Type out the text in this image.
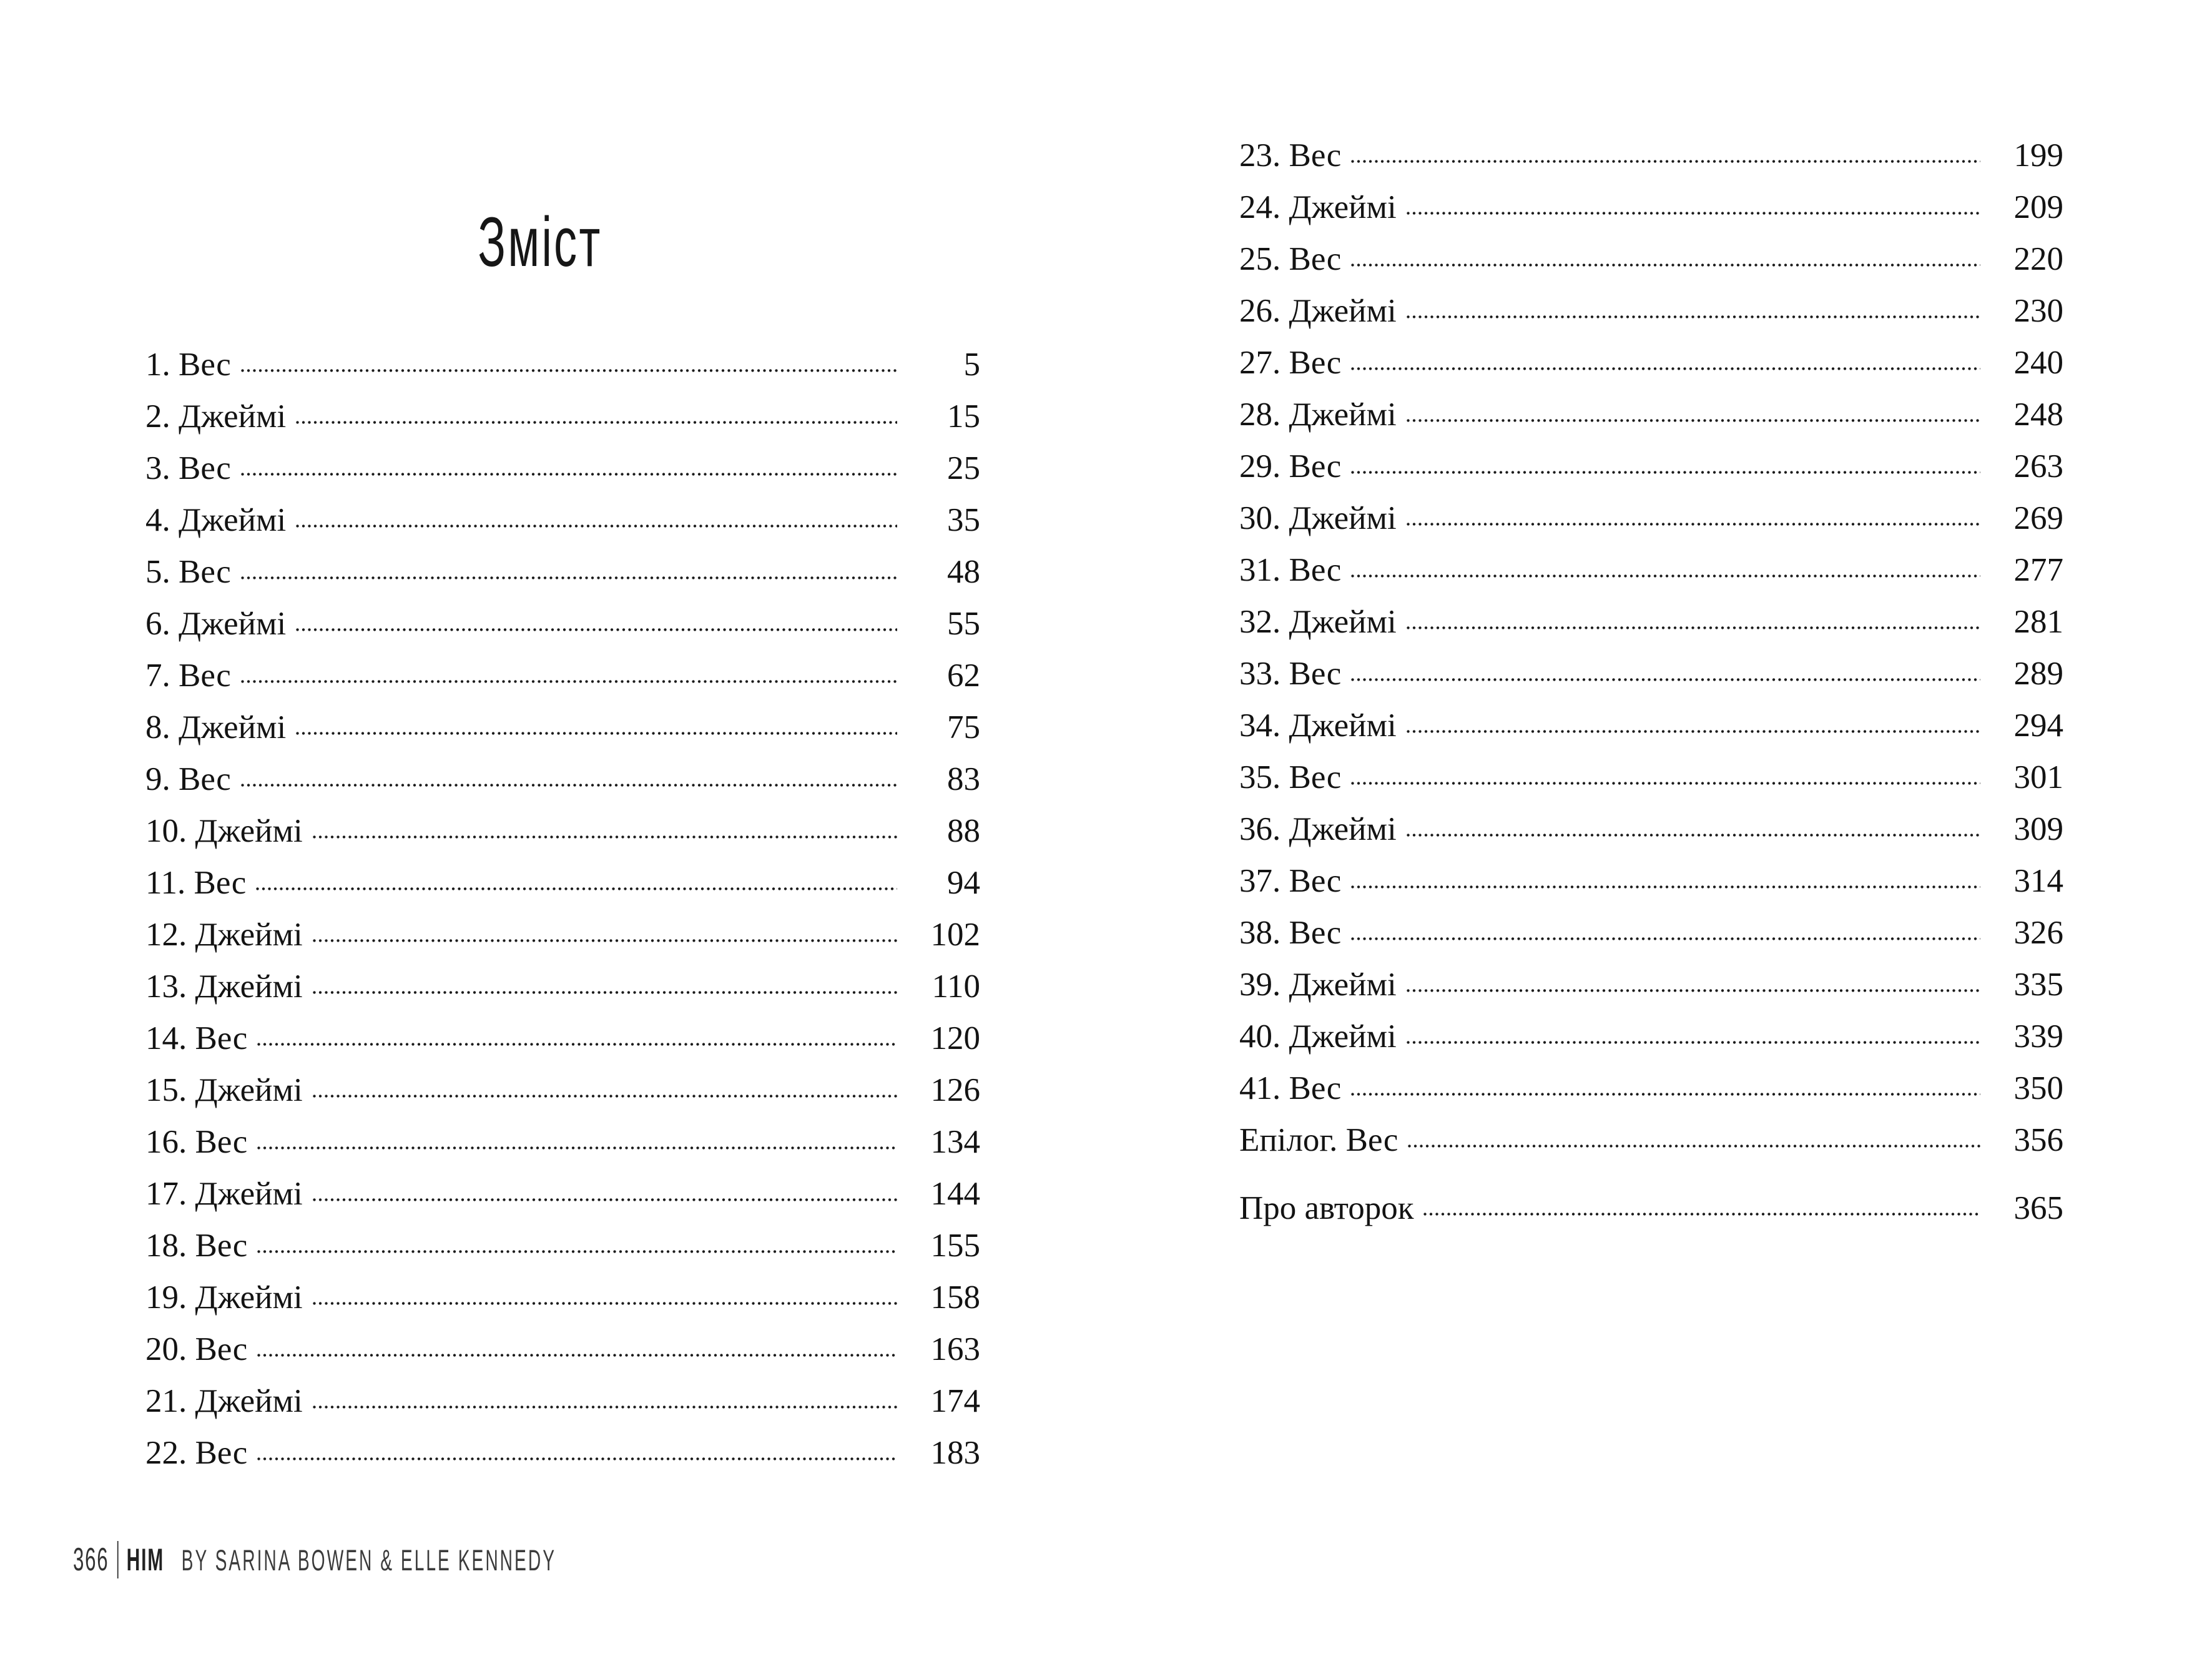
Зміст
1. Вес	5
2. Джеймі	15
3. Вес	25
4. Джеймі	35
5. Вес	48
6. Джеймі	55
7. Вес	62
8. Джеймі	75
9. Вес	83
10. Джеймі	88
11. Вес	94
12. Джеймі	102
13. Джеймі	110
14. Вес	120
15. Джеймі	126
16. Вес	134
17. Джеймі	144
18. Вес	155
19. Джеймі	158
20. Вес	163
21. Джеймі	174
22. Вес	183
23. Вес	199
24. Джеймі	209
25. Вес	220
26. Джеймі	230
27. Вес	240
28. Джеймі	248
29. Вес	263
30. Джеймі	269
31. Вес	277
32. Джеймі	281
33. Вес	289
34. Джеймі	294
35. Вес	301
36. Джеймі	309
37. Вес	314
38. Вес	326
39. Джеймі	335
40. Джеймі	339
41. Вес	350
Епілог. Вес	356
Про авторок	365
366 HIM BY SARINA BOWEN & ELLE KENNEDY
